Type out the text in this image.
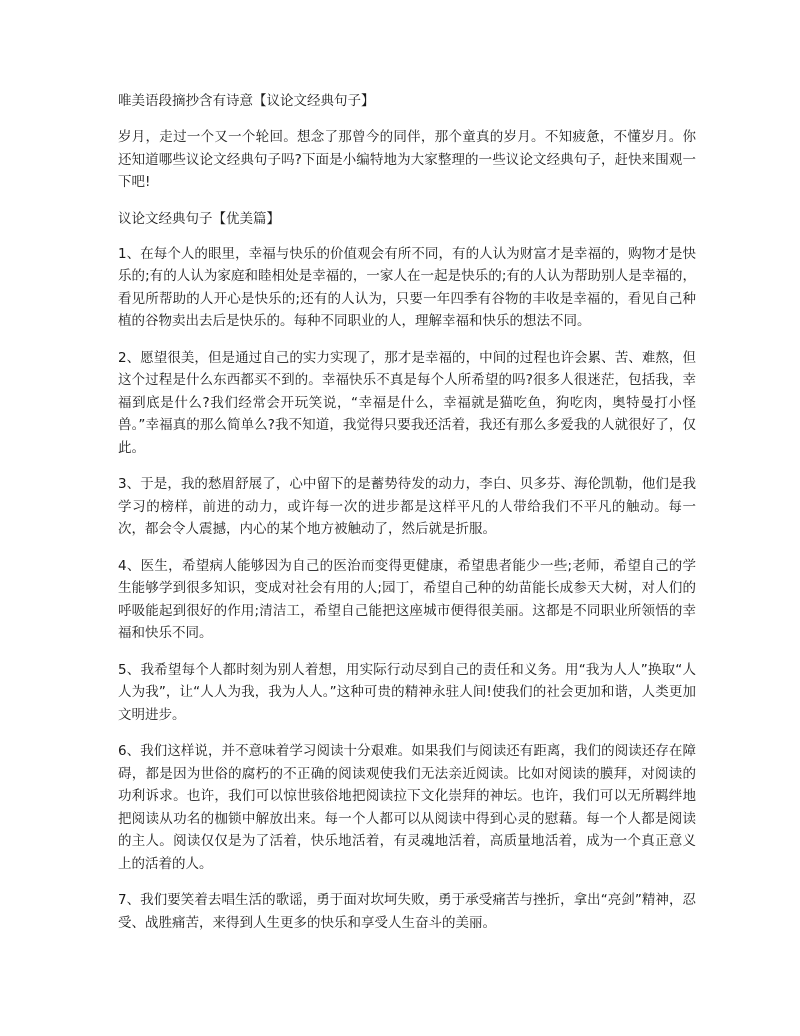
唯美语段摘抄含有诗意【议论文经典句子】
岁月，走过一个又一个轮回。想念了那曾今的同伴，那个童真的岁月。不知疲惫，不懂岁月。你还知道哪些议论文经典句子吗?下面是小编特地为大家整理的一些议论文经典句子，赶快来围观一下吧!
议论文经典句子【优美篇】
1、在每个人的眼里，幸福与快乐的价值观会有所不同，有的人认为财富才是幸福的，购物才是快乐的;有的人认为家庭和睦相处是幸福的，一家人在一起是快乐的;有的人认为帮助别人是幸福的，看见所帮助的人开心是快乐的;还有的人认为，只要一年四季有谷物的丰收是幸福的，看见自己种植的谷物卖出去后是快乐的。每种不同职业的人，理解幸福和快乐的想法不同。
2、愿望很美，但是通过自己的实力实现了，那才是幸福的，中间的过程也许会累、苦、难熬，但这个过程是什么东西都买不到的。幸福快乐不真是每个人所希望的吗?很多人很迷茫，包括我，幸福到底是什么?我们经常会开玩笑说，“幸福是什么，幸福就是猫吃鱼，狗吃肉，奥特曼打小怪兽。”幸福真的那么简单么?我不知道，我觉得只要我还活着，我还有那么多爱我的人就很好了，仅此。
3、于是，我的愁眉舒展了，心中留下的是蓄势待发的动力，李白、贝多芬、海伦凯勒，他们是我学习的榜样，前进的动力，或许每一次的进步都是这样平凡的人带给我们不平凡的触动。每一次，都会令人震撼，内心的某个地方被触动了，然后就是折服。
4、医生，希望病人能够因为自己的医治而变得更健康，希望患者能少一些;老师，希望自己的学生能够学到很多知识，变成对社会有用的人;园丁，希望自己种的幼苗能长成参天大树，对人们的呼吸能起到很好的作用;清洁工，希望自己能把这座城市便得很美丽。这都是不同职业所领悟的幸福和快乐不同。
5、我希望每个人都时刻为别人着想，用实际行动尽到自己的责任和义务。用“我为人人”换取“人人为我”，让“人人为我，我为人人。”这种可贵的精神永驻人间!使我们的社会更加和谐，人类更加文明进步。
6、我们这样说，并不意味着学习阅读十分艰难。如果我们与阅读还有距离，我们的阅读还存在障碍，都是因为世俗的腐朽的不正确的阅读观使我们无法亲近阅读。比如对阅读的膜拜，对阅读的功利诉求。也许，我们可以惊世骇俗地把阅读拉下文化崇拜的神坛。也许，我们可以无所羁绊地把阅读从功名的枷锁中解放出来。每一个人都可以从阅读中得到心灵的慰藉。每一个人都是阅读的主人。阅读仅仅是为了活着，快乐地活着，有灵魂地活着，高质量地活着，成为一个真正意义上的活着的人。
7、我们要笑着去唱生活的歌谣，勇于面对坎坷失败，勇于承受痛苦与挫折，拿出“亮剑”精神，忍受、战胜痛苦，来得到人生更多的快乐和享受人生奋斗的美丽。
